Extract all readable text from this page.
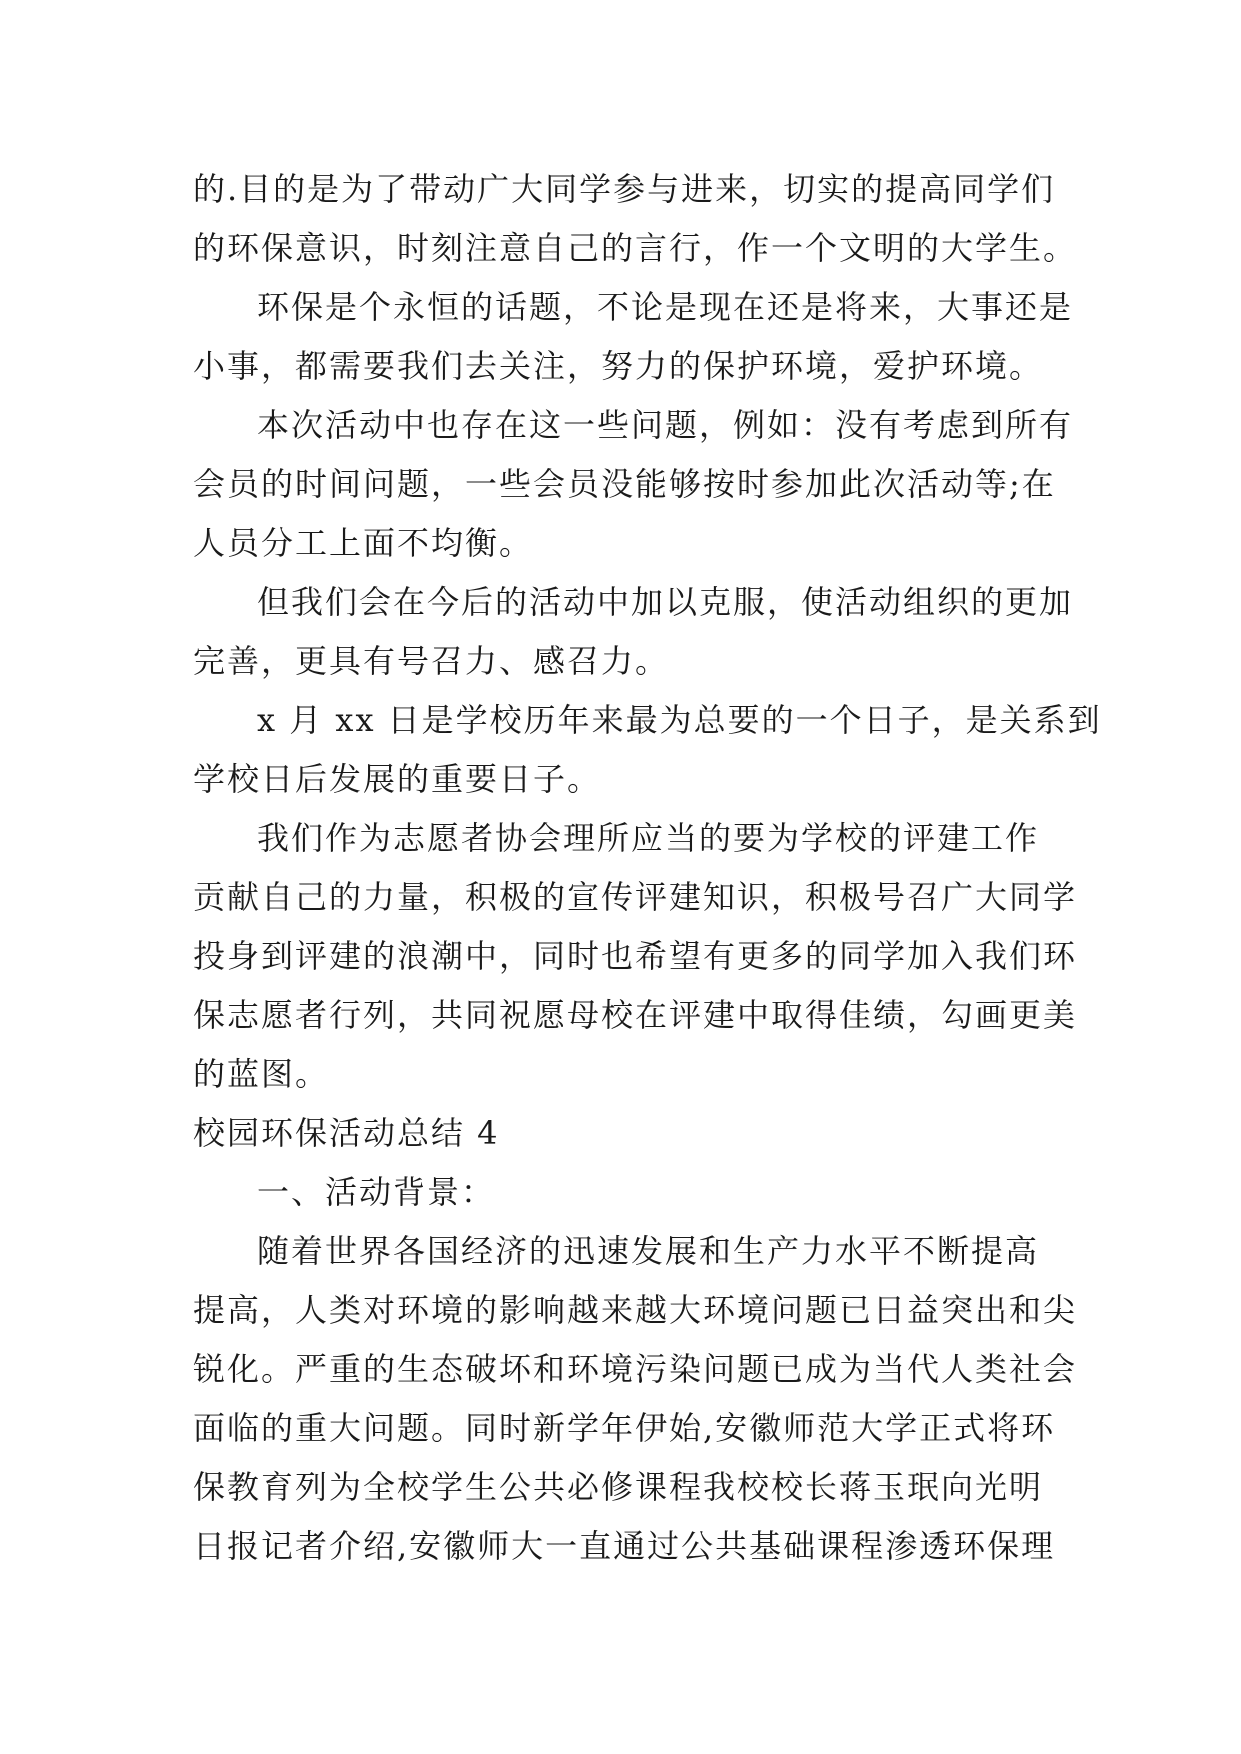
的.目的是为了带动广大同学参与进来，切实的提高同学们
的环保意识，时刻注意自己的言行，作一个文明的大学生。
环保是个永恒的话题，不论是现在还是将来，大事还是
小事，都需要我们去关注，努力的保护环境，爱护环境。
本次活动中也存在这一些问题，例如：没有考虑到所有
会员的时间问题，一些会员没能够按时参加此次活动等;在
人员分工上面不均衡。
但我们会在今后的活动中加以克服，使活动组织的更加
完善，更具有号召力、感召力。
x 月 xx 日是学校历年来最为总要的一个日子，是关系到
学校日后发展的重要日子。
我们作为志愿者协会理所应当的要为学校的评建工作
贡献自己的力量，积极的宣传评建知识，积极号召广大同学
投身到评建的浪潮中，同时也希望有更多的同学加入我们环
保志愿者行列，共同祝愿母校在评建中取得佳绩，勾画更美
的蓝图。
校园环保活动总结 4
一、活动背景：
随着世界各国经济的迅速发展和生产力水平不断提高
提高，人类对环境的影响越来越大环境问题已日益突出和尖
锐化。严重的生态破坏和环境污染问题已成为当代人类社会
面临的重大问题。同时新学年伊始,安徽师范大学正式将环
保教育列为全校学生公共必修课程我校校长蒋玉珉向光明
日报记者介绍,安徽师大一直通过公共基础课程渗透环保理
